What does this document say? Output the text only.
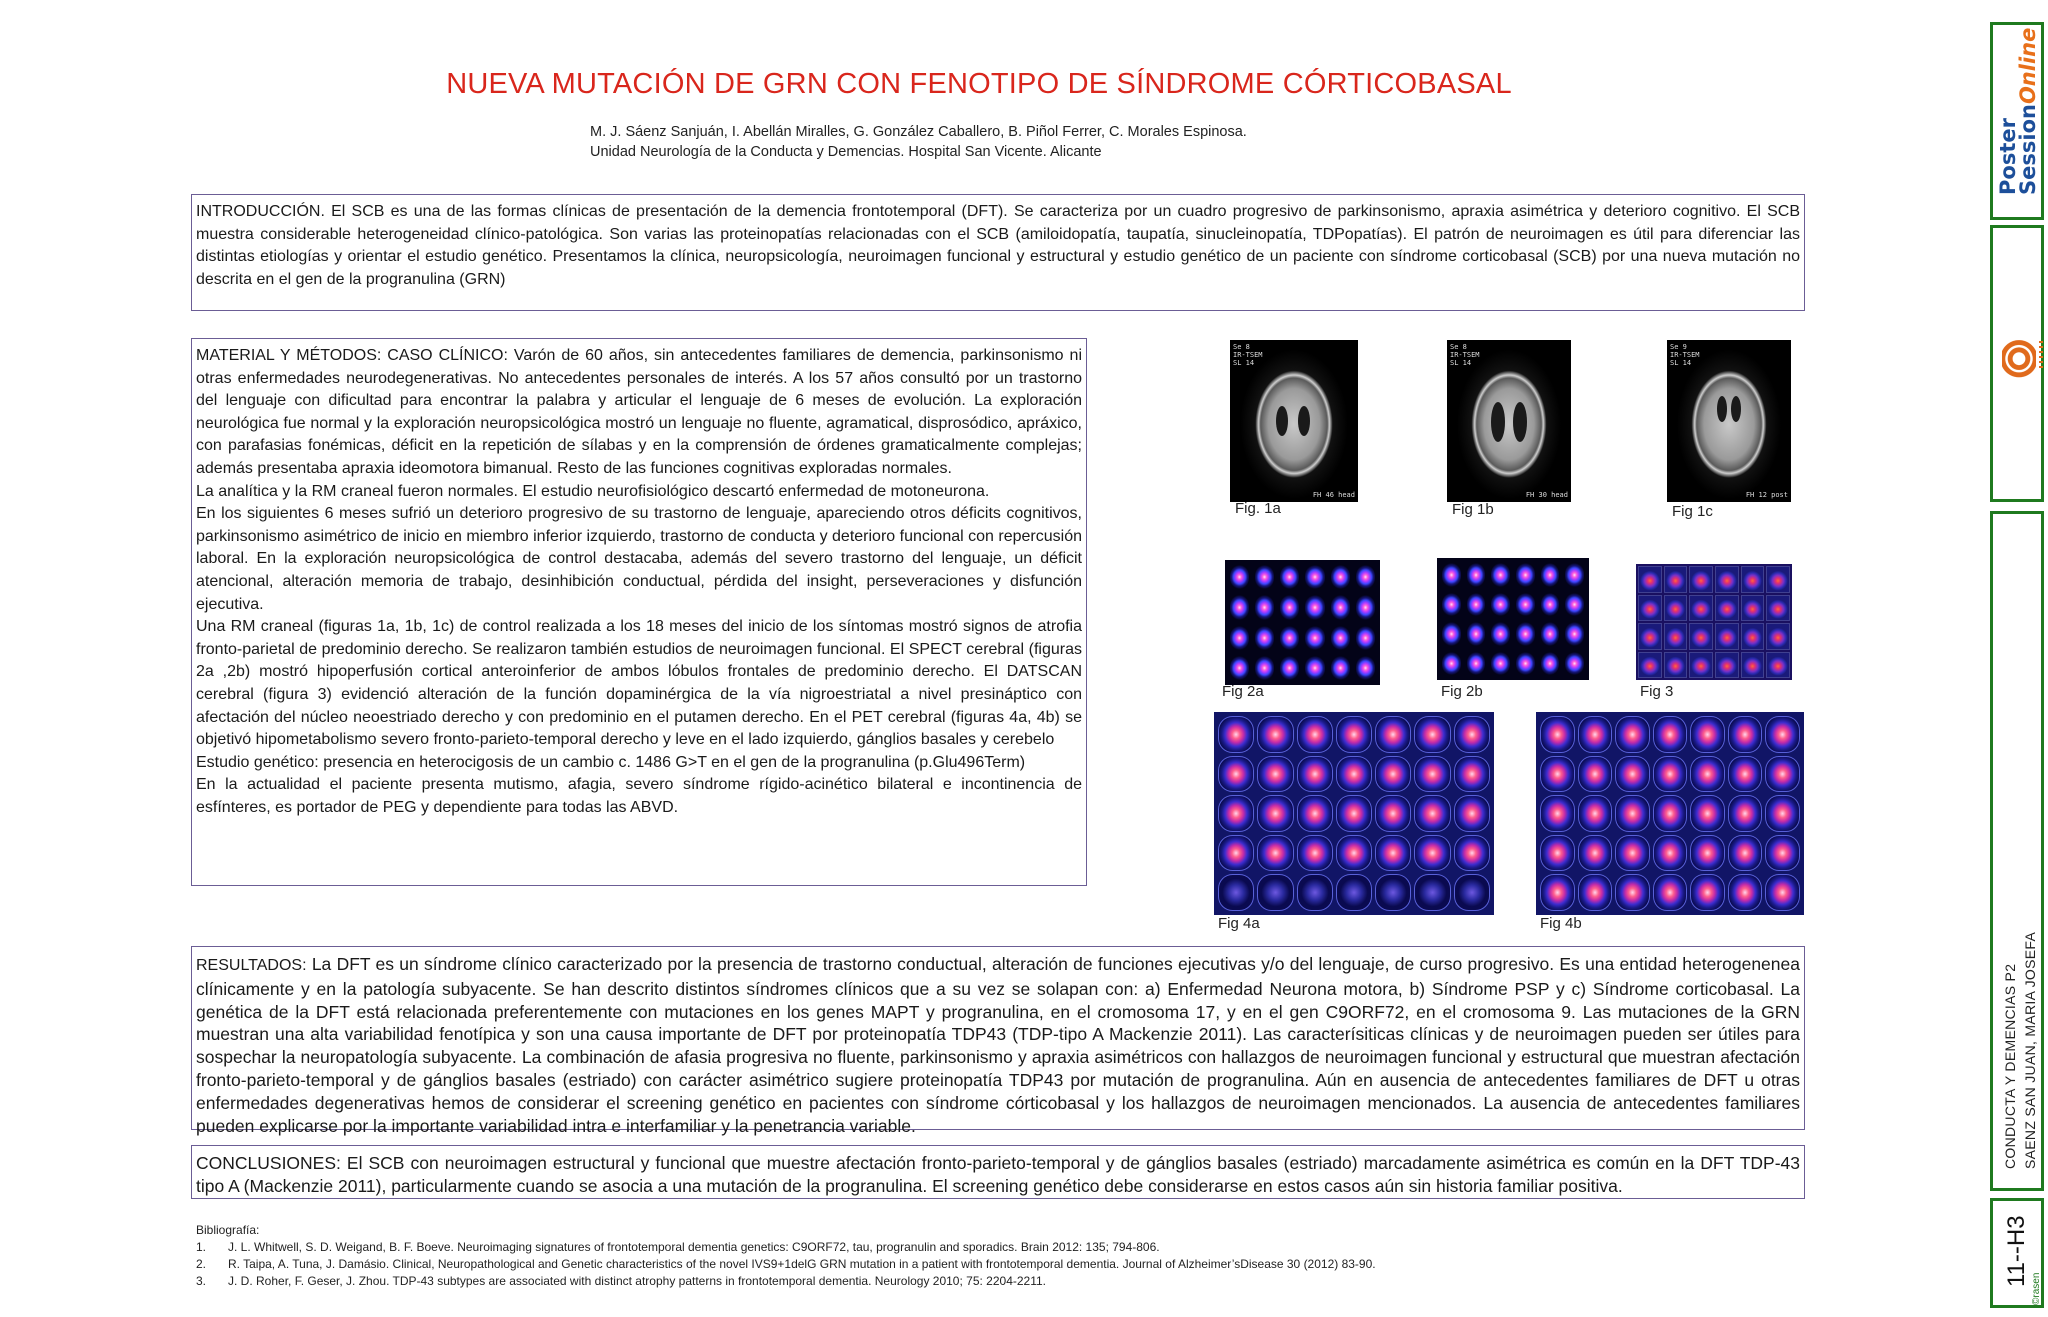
NUEVA MUTACIÓN DE GRN CON FENOTIPO DE SÍNDROME CÓRTICOBASAL
M. J. Sáenz Sanjuán, I. Abellán Miralles, G. González Caballero, B. Piñol Ferrer, C. Morales Espinosa.
Unidad Neurología de la Conducta y Demencias. Hospital San Vicente. Alicante
INTRODUCCIÓN. El SCB es una de las formas clínicas de presentación de la demencia frontotemporal (DFT). Se caracteriza por un cuadro progresivo de parkinsonismo, apraxia asimétrica y deterioro cognitivo. El SCB muestra considerable heterogeneidad clínico-patológica. Son varias las proteinopatías relacionadas con el SCB (amiloidopatía, taupatía, sinucleinopatía, TDPopatías). El patrón de neuroimagen es útil para diferenciar las distintas etiologías y orientar el estudio genético. Presentamos la clínica, neuropsicología, neuroimagen funcional y estructural y estudio genético de un paciente con síndrome corticobasal (SCB) por una nueva mutación no descrita en el gen de la progranulina (GRN)

MATERIAL Y MÉTODOS: CASO CLÍNICO: Varón de 60 años, sin antecedentes familiares de demencia, parkinsonismo ni otras enfermedades neurodegenerativas. No antecedentes personales de interés. A los 57 años consultó por un trastorno del lenguaje con dificultad para encontrar la palabra y articular el lenguaje de 6 meses de evolución. La exploración neurológica fue normal y la exploración neuropsicológica mostró un lenguaje no fluente, agramatical, disprosódico, apráxico, con parafasias fonémicas, déficit en la repetición de sílabas y en la comprensión de órdenes gramaticalmente complejas; además presentaba apraxia ideomotora bimanual. Resto de las funciones cognitivas exploradas normales.

La analítica y la RM craneal fueron normales. El estudio neurofisiológico descartó enfermedad de motoneurona.

En los siguientes 6 meses sufrió un deterioro progresivo de su trastorno de lenguaje, apareciendo otros déficits cognitivos, parkinsonismo asimétrico de inicio en miembro inferior izquierdo, trastorno de conducta y deterioro funcional con repercusión laboral. En la exploración neuropsicológica de control destacaba, además del severo trastorno del lenguaje, un déficit atencional, alteración memoria de trabajo, desinhibición conductual, pérdida del insight, perseveraciones y disfunción ejecutiva.

Una RM craneal (figuras 1a, 1b, 1c) de control realizada a los 18 meses del inicio de los síntomas mostró signos de atrofia fronto-parietal de predominio derecho. Se realizaron también estudios de neuroimagen funcional. El SPECT cerebral (figuras 2a ,2b) mostró hipoperfusión cortical anteroinferior de ambos lóbulos frontales de predominio derecho. El DATSCAN cerebral (figura 3) evidenció alteración de la función dopaminérgica de la vía nigroestriatal a nivel presináptico con afectación del núcleo neoestriado derecho y con predominio en el putamen derecho. En el PET cerebral (figuras 4a, 4b) se objetivó hipometabolismo severo fronto-parieto-temporal derecho y leve en el lado izquierdo, gánglios basales y cerebelo

Estudio genético: presencia en heterocigosis de un cambio c. 1486 G>T en el gen de la progranulina (p.Glu496Term)

En la actualidad el paciente presenta mutismo, afagia, severo síndrome rígido-acinético bilateral e incontinencia de esfínteres, es portador de PEG y dependiente para todas las ABVD.

Se 8
IR-TSEM
SL 14
FH 46 head
Fig. 1a
Se 8
IR-TSEM
SL 14
FH 30 head
Fig 1b
Se 9
IR-TSEM
SL 14
FH 12 post
Fig 1c
Fig 2a	Fig 2b	Fig 3
Fig 4a	Fig 4b
RESULTADOS: La DFT es un síndrome clínico caracterizado por la presencia de trastorno conductual, alteración de funciones ejecutivas y/o del lenguaje, de curso progresivo. Es una entidad heterogenenea clínicamente y en la patología subyacente. Se han descrito distintos síndromes clínicos que a su vez se solapan con: a) Enfermedad Neurona motora, b) Síndrome PSP y c) Síndrome corticobasal. La genética de la DFT está relacionada preferentemente con mutaciones en los genes MAPT y progranulina, en el cromosoma 17, y en el gen C9ORF72, en el cromosoma 9. Las mutaciones de la GRN muestran una alta variabilidad fenotípica y son una causa importante de DFT por proteinopatía TDP43 (TDP-tipo A Mackenzie 2011). Las caracterísiticas clínicas y de neuroimagen pueden ser útiles para sospechar la neuropatología subyacente. La combinación de afasia progresiva no fluente, parkinsonismo y apraxia asimétricos con hallazgos de neuroimagen funcional y estructural que muestran afectación fronto-parieto-temporal y de gánglios basales (estriado) con carácter asimétrico sugiere proteinopatía TDP43 por mutación de progranulina. Aún en ausencia de antecedentes familiares de DFT u otras enfermedades degenerativas hemos de considerar el screening genético en pacientes con síndrome córticobasal y los hallazgos de neuroimagen mencionados. La ausencia de antecedentes familiares pueden explicarse por la importante variabilidad intra e interfamiliar y la penetrancia variable.
CONCLUSIONES: El SCB con neuroimagen estructural y funcional que muestre afectación fronto-parieto-temporal y de gánglios basales (estriado) marcadamente asimétrica es común en la DFT TDP-43 tipo A (Mackenzie 2011), particularmente cuando se asocia a una mutación de la progranulina. El screening genético debe considerarse en estos casos aún sin historia familiar positiva.
Bibliografía:
1.	J. L. Whitwell, S. D. Weigand, B. F. Boeve. Neuroimaging signatures of frontotemporal dementia genetics: C9ORF72, tau, progranulin and sporadics. Brain 2012: 135; 794-806.
2.	R. Taipa, A. Tuna, J. Damásio. Clinical, Neuropathological and Genetic characteristics of the novel IVS9+1delG GRN mutation in a patient with frontotemporal dementia. Journal of Alzheimer’sDisease 30 (2012) 83-90.
3.	J. D. Roher, F. Geser, J. Zhou. TDP-43 subtypes are associated with distinct atrophy patterns in frontotemporal dementia. Neurology 2010; 75: 2204-2211.
Poster
SessionOnline
CONDUCTA Y DEMENCIAS P2 SAENZ SAN JUAN, MARIA JOSEFA
11--H3
©rasen
